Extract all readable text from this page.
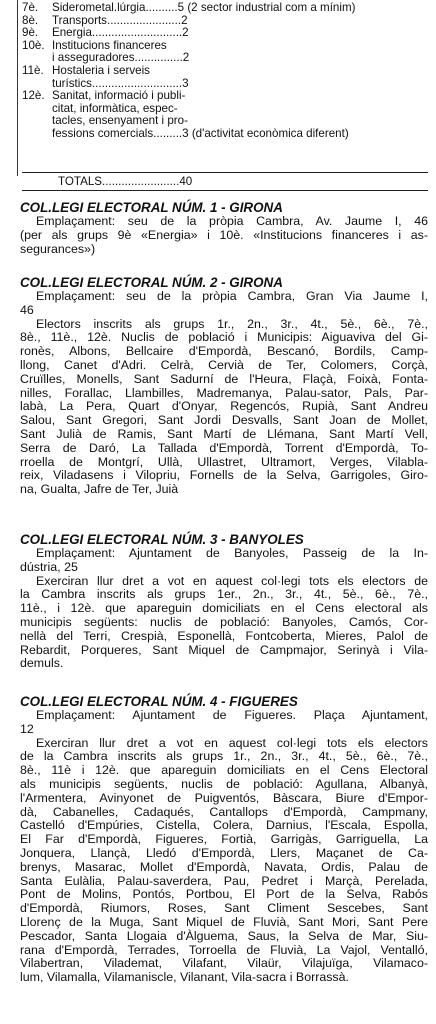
7è.	Siderometal.lúrgia..........5 (2 sector industrial com a mínim)
8è.	Transports.......................2
9è.	Energia............................2
10è. Institucions financeres
i asseguradores...............2
11è. Hostaleria i serveis
turístics............................3
12è. Sanitat, informació i publi-
citat, informàtica, espec-
tacles, ensenyament i pro-
fessions comercials.........3 (d'activitat econòmica diferent)
TOTALS........................40
COL.LEGI ELECTORAL NÚM. 1 - GIRONA

Emplaçament: seu de la pròpia Cambra, Av. Jaume I, 46
(per als grups 9è «Energia» i 10è. «Institucions financeres i as-
segurances»)

COL.LEGI ELECTORAL NÚM. 2 - GIRONA

Emplaçament: seu de la pròpia Cambra, Gran Via Jaume I,
46

Electors inscrits als grups 1r., 2n., 3r., 4t., 5è., 6è., 7è.,
8è., 11è., 12è. Nuclis de població i Municipis: Aiguaviva del Gi-
ronès, Albons, Bellcaire d'Empordà, Bescanó, Bordils, Camp-
llong, Canet d'Adri. Celrà, Cervià de Ter, Colomers, Corçà,
Cruïlles, Monells, Sant Sadurní de l'Heura, Flaçà, Foixà, Fonta-
nilles, Forallac, Llambilles, Madremanya, Palau-sator, Pals, Par-
labà, La Pera, Quart d'Onyar, Regencós, Rupià, Sant Andreu
Salou, Sant Gregori, Sant Jordi Desvalls, Sant Joan de Mollet,
Sant Julià de Ramis, Sant Martí de Llémana, Sant Martí Vell,
Serra de Daró, La Tallada d'Empordà, Torrent d'Empordà, To-
rroella de Montgrí, Ullà, Ullastret, Ultramort, Verges, Vilabla-
reix, Viladasens i Vilopriu, Fornells de la Selva, Garrigoles, Giro-
na, Gualta, Jafre de Ter, Juià

COL.LEGI ELECTORAL NÚM. 3 - BANYOLES

Emplaçament: Ajuntament de Banyoles, Passeig de la In-
dústria, 25

Exerciran llur dret a vot en aquest col·legi tots els electors de
la Cambra inscrits als grups 1er., 2n., 3r., 4t., 5è., 6è., 7è.,
11è., i 12è. que apareguin domiciliats en el Cens electoral als
municipis següents: nuclis de població: Banyoles, Camós, Cor-
nellà del Terri, Crespià, Esponellà, Fontcoberta, Mieres, Palol de
Rebardit, Porqueres, Sant Miquel de Campmajor, Serinyà i Vila-
demuls.

COL.LEGI ELECTORAL NÚM. 4 - FIGUERES

Emplaçament: Ajuntament de Figueres. Plaça Ajuntament,
12

Exerciran llur dret a vot en aquest col·legi tots els electors
de la Cambra inscrits als grups 1r., 2n., 3r., 4t., 5è., 6è., 7è.,
8è., 11è i 12è. que apareguin domiciliats en el Cens Electoral
als municipis següents, nuclis de població: Agullana, Albanyà,
l'Armentera, Avinyonet de Puigventós, Bàscara, Biure d'Empor-
dà, Cabanelles, Cadaqués, Cantallops d'Empordà, Campmany,
Castelló d'Empúries, Cistella, Colera, Darnius, l'Escala, Espolla,
El Far d'Empordà, Figueres, Fortià, Garrigàs, Garriguella, La
Jonquera, Llançà, Lledó d'Empordà, Llers, Maçanet de Ca-
brenys, Masarac, Mollet d'Empordà, Navata, Ordis, Palau de
Santa Eulàlia, Palau-saverdera, Pau, Pedret i Marçà, Perelada,
Pont de Molins, Pontós, Portbou, El Port de la Selva, Rabós
d'Empordà, Riumors, Roses, Sant Climent Sescebes, Sant
Llorenç de la Muga, Sant Miquel de Fluvià, Sant Mori, Sant Pere
Pescador, Santa Llogaia d'Àlguema, Saus, la Selva de Mar, Siu-
rana d'Empordà, Terrades, Torroella de Fluvià, La Vajol, Ventalló,
Vilabertran, Vilademat, Vilafant, Vilaür, Vilajuïga, Vilamaco-
lum, Vilamalla, Vilamaniscle, Vilanant, Vila-sacra i Borrassà.
